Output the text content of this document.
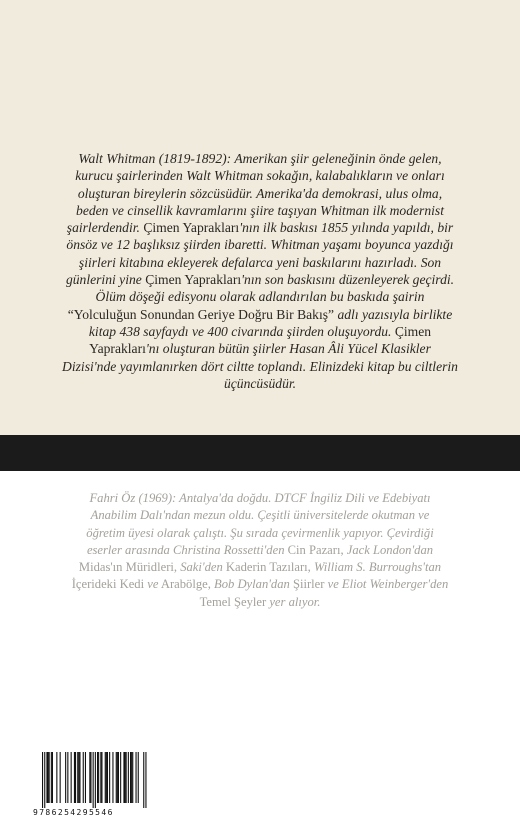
Walt Whitman (1819-1892): Amerikan şiir geleneğinin önde gelen, kurucu şairlerinden Walt Whitman sokağın, kalabalıkların ve onları oluşturan bireylerin sözcüsüdür. Amerika'da demokrasi, ulus olma, beden ve cinsellik kavramlarını şiire taşıyan Whitman ilk modernist şairlerdendir. Çimen Yaprakları'nın ilk baskısı 1855 yılında yapıldı, bir önsöz ve 12 başlıksız şiirden ibaretti. Whitman yaşamı boyunca yazdığı şiirleri kitabına ekleyerek defalarca yeni baskılarını hazırladı. Son günlerini yine Çimen Yaprakları'nın son baskısını düzenleyerek geçirdi. Ölüm döşeği edisyonu olarak adlandırılan bu baskıda şairin “Yolculuğun Sonundan Geriye Doğru Bir Bakış” adlı yazısıyla birlikte kitap 438 sayfaydı ve 400 civarında şiirden oluşuyordu. Çimen Yaprakları'nı oluşturan bütün şiirler Hasan Âli Yücel Klasikler Dizisi'nde yayımlanırken dört ciltte toplandı. Elinizdeki kitap bu ciltlerin üçüncüsüdür.

Fahri Öz (1969): Antalya'da doğdu. DTCF İngiliz Dili ve Edebiyatı Anabilim Dalı'ndan mezun oldu. Çeşitli üniversitelerde okutman ve öğretim üyesi olarak çalıştı. Şu sırada çevirmenlik yapıyor. Çevirdiği eserler arasında Christina Rossetti'den Cin Pazarı, Jack London'dan Midas'ın Müridleri, Saki'den Kaderin Tazıları, William S. Burroughs'tan İçerideki Kedi ve Arabölge, Bob Dylan'dan Şiirler ve Eliot Weinberger'den Temel Şeyler yer alıyor.

9786254295546
